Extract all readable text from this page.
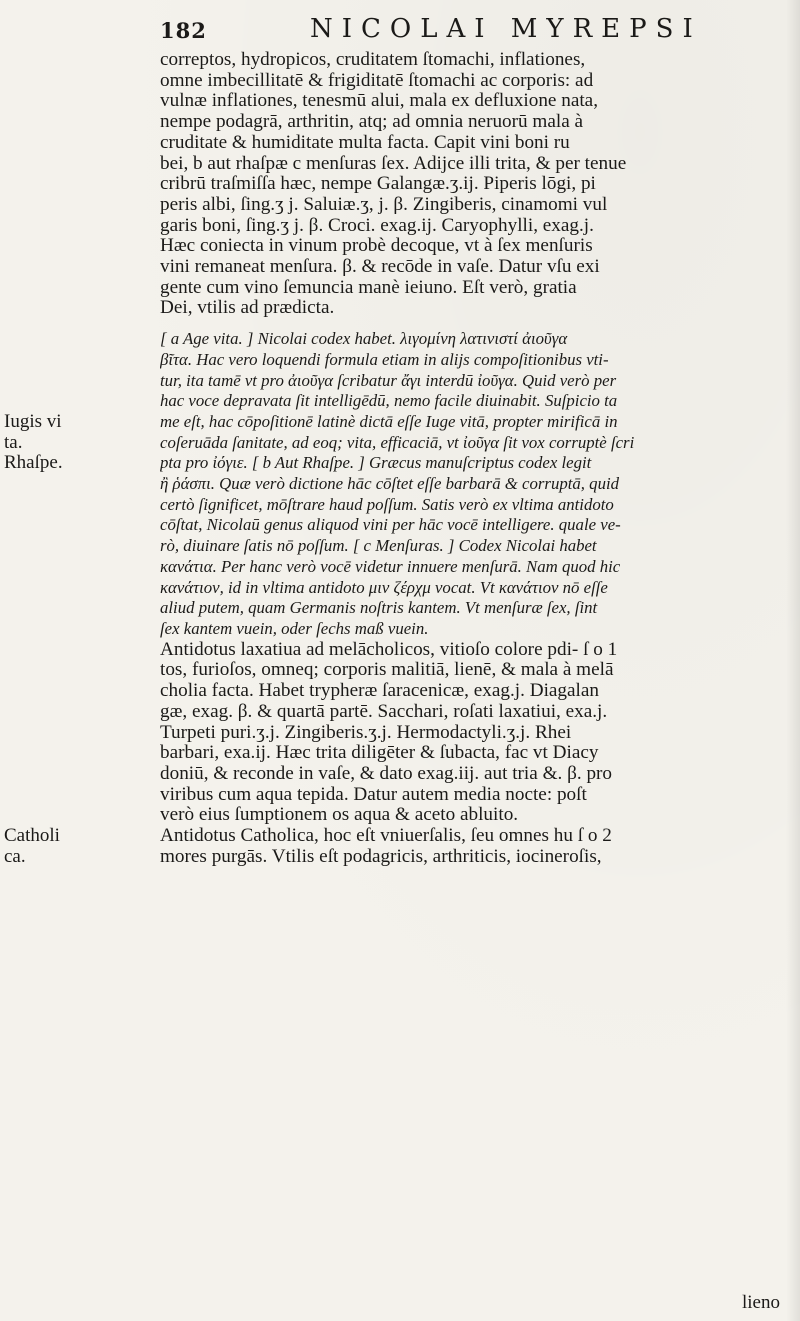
182	NICOLAI MYREPSI
correptos, hydropicos, cruditatem ſtomachi, inflationes,
omne imbecillitatē & frigiditatē ſtomachi ac corporis: ad
vulnæ inflationes, tenesmū alui, mala ex defluxione nata,
nempe podagrā, arthritin, atq; ad omnia neruorū mala à
cruditate & humiditate multa facta. Capit vini boni ru
bei, b aut rhaſpæ c menſuras ſex. Adijce illi trita, & per tenue
cribrū traſmiſſa hæc, nempe Galangæ.ʒ.ij. Piperis lōgi, pi
peris albi, ſing.ʒ j. Saluiæ.ʒ, j. β. Zingiberis, cinamomi vul
garis boni, ſing.ʒ j. β. Croci. exag.ij. Caryophylli, exag.j.
Hæc coniecta in vinum probè decoque, vt à ſex menſuris
vini remaneat menſura. β. & recōde in vaſe. Datur vſu exi
gente cum vino ſemuncia manè ieiuno. Eſt verò, gratia
Dei, vtilis ad prædicta.
[ a Age vita. ] Nicolai codex habet. λιγομίνη λατινιστί ἀιοῦγα
βῖτα. Hac vero loquendi formula etiam in alijs compoſitionibus vti-
tur, ita tamē vt pro ἀιοῦγα ſcribatur ἄγι interdū ἰοῦγα. Quid verò per
hac voce depravata ſit intelligēdū, nemo facile diuinabit. Suſpicio ta
me eſt, hac cōpoſitionē latinè dictā eſſe Iuge vitā, propter mirificā in
coſeruāda ſanitate, ad eoq; vita, efficaciā, vt ἰοῦγα ſit vox corruptè ſcri
pta pro ἰόγιε. [ b Aut Rhaſpe. ] Græcus manuſcriptus codex legit
ἢ ῥάσπι. Quæ verò dictione hāc cōſtet eſſe barbarā & corruptā, quid
certò ſignificet, mōſtrare haud poſſum. Satis verò ex vltima antidoto
cōſtat, Nicolaū genus aliquod vini per hāc vocē intelligere. quale ve-
rò, diuinare ſatis nō poſſum. [ c Menſuras. ] Codex Nicolai habet
κανάτια. Per hanc verò vocē videtur innuere menſurā. Nam quod hic
κανάτιον, id in vltima antidoto μιν ζέρχμ vocat. Vt κανάτιον nō eſſe
aliud putem, quam Germanis noſtris kantem. Vt menſuræ ſex, ſint
ſex kantem vuein, oder ſechs maß vuein.
Antidotus laxatiua ad melācholicos, vitioſo colore pdi- ſ o 1
tos, furioſos, omneq; corporis malitiā, lienē, & mala à melā
cholia facta. Habet trypheræ ſaracenicæ, exag.j. Diagalan
gæ, exag. β. & quartā partē. Sacchari, roſati laxatiui, exa.j.
Turpeti puri.ʒ.j. Zingiberis.ʒ.j. Hermodactyli.ʒ.j. Rhei
barbari, exa.ij. Hæc trita diligēter & ſubacta, fac vt Diacy
doniū, & reconde in vaſe, & dato exag.iij. aut tria &. β. pro
viribus cum aqua tepida. Datur autem media nocte: poſt
verò eius ſumptionem os aqua & aceto abluito.
Antidotus Catholica, hoc eſt vniuerſalis, ſeu omnes hu ſ o 2
mores purgās. Vtilis eſt podagricis, arthriticis, iocineroſis,
Iugis vi
ta.
Rhaſpe.
Catholi
ca.
lieno
